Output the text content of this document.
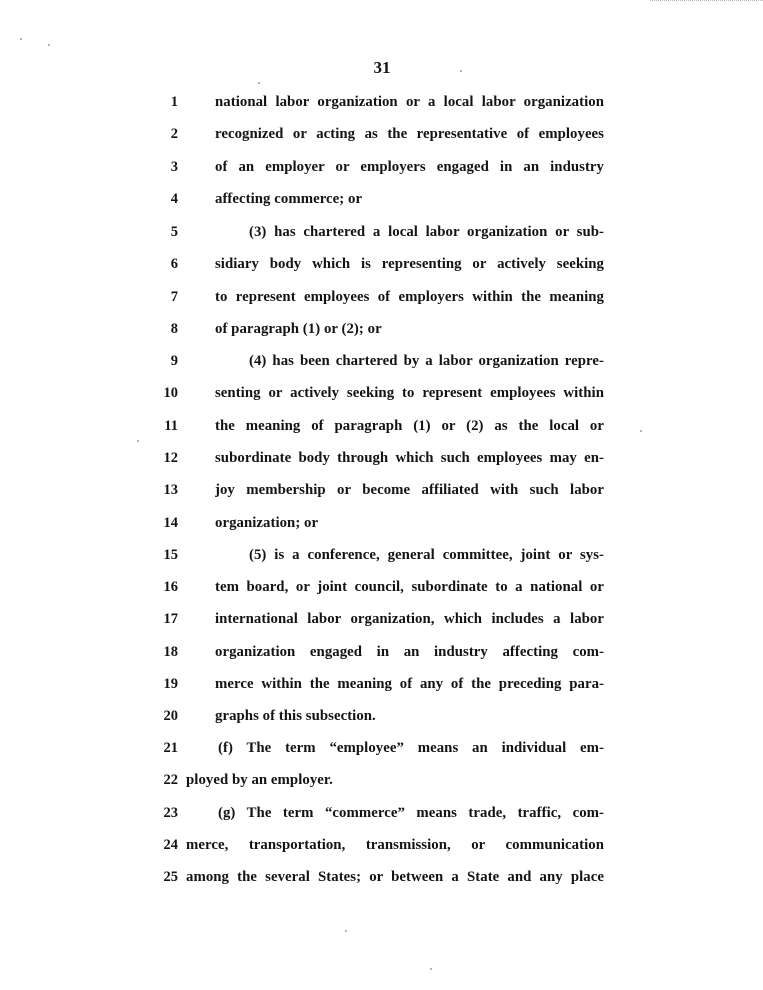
31
1	national labor organization or a local labor organization
2	recognized or acting as the representative of employees
3	of an employer or employers engaged in an industry
4	affecting commerce; or
5	(3) has chartered a local labor organization or sub-
6	sidiary body which is representing or actively seeking
7	to represent employees of employers within the meaning
8	of paragraph (1) or (2); or
9	(4) has been chartered by a labor organization repre-
10	senting or actively seeking to represent employees within
11	the meaning of paragraph (1) or (2) as the local or
12	subordinate body through which such employees may en-
13	joy membership or become affiliated with such labor
14	organization; or
15	(5) is a conference, general committee, joint or sys-
16	tem board, or joint council, subordinate to a national or
17	international labor organization, which includes a labor
18	organization engaged in an industry affecting com-
19	merce within the meaning of any of the preceding para-
20	graphs of this subsection.
21	(f) The term “employee” means an individual em-
22 ployed by an employer.
23	(g) The term “commerce” means trade, traffic, com-
24 merce, transportation, transmission, or communication
25 among the several States; or between a State and any place
